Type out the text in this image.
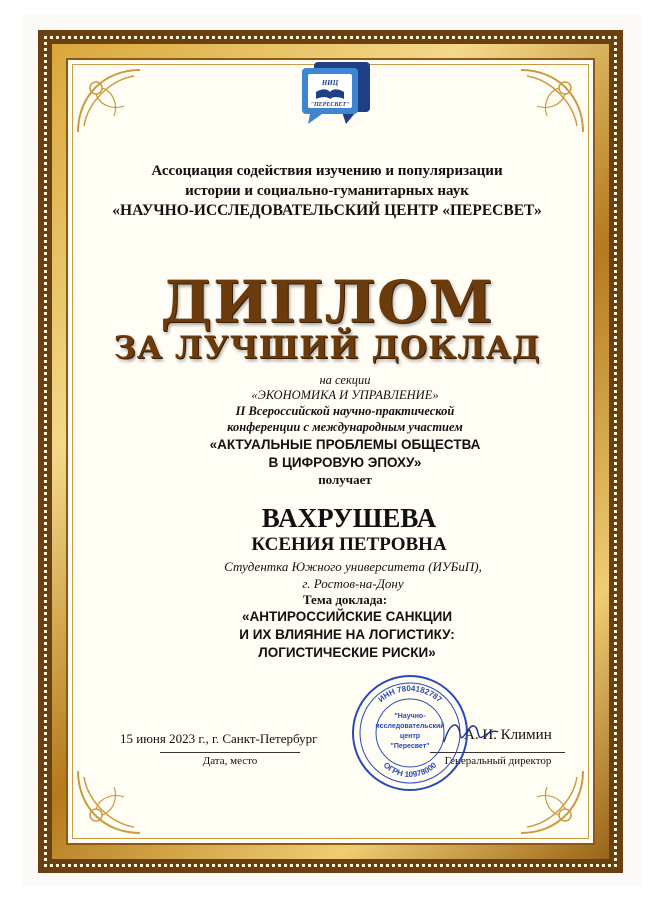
НИЦ
"ПЕРЕСВЕТ"
Ассоциация содействия изучению и популяризации
истории и социально-гуманитарных наук
«НАУЧНО-ИССЛЕДОВАТЕЛЬСКИЙ ЦЕНТР «ПЕРЕСВЕТ»
ДИПЛОМ
ЗА ЛУЧШИЙ ДОКЛАД
на секции
«ЭКОНОМИКА И УПРАВЛЕНИЕ»
II Всероссийской научно-практической
конференции с международным участием
«АКТУАЛЬНЫЕ ПРОБЛЕМЫ ОБЩЕСТВА
В ЦИФРОВУЮ ЭПОХУ»
получает
ВАХРУШЕВА
КСЕНИЯ ПЕТРОВНА
Студентка Южного университета (ИУБиП),
г. Ростов-на-Дону
Тема доклада:
«АНТИРОССИЙСКИЕ САНКЦИИ
И ИХ ВЛИЯНИЕ НА ЛОГИСТИКУ:
ЛОГИСТИЧЕСКИЕ РИСКИ»
15 июня 2023 г., г. Санкт-Петербург
Дата, место
А. И. Климин
Генеральный директор
ИНН 7804182787
ОГРН 10978000
"Научно-
исследовательский
центр
"Пересвет"
